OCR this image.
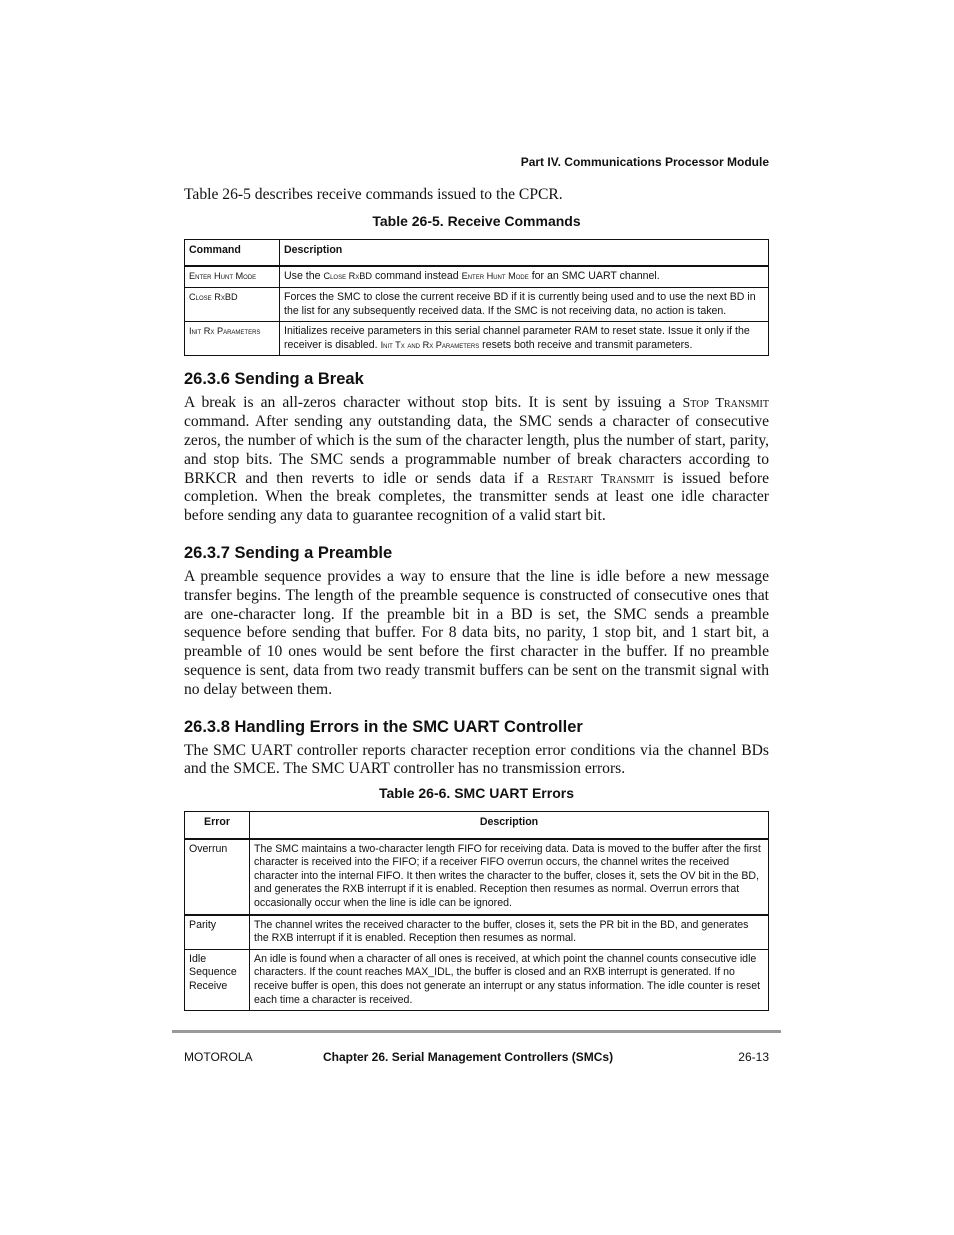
Part IV. Communications Processor Module

Table 26-5 describes receive commands issued to the CPCR.

Table 26-5. Receive Commands
Command	Description
Enter Hunt Mode	Use the Close RxBD command instead Enter Hunt Mode for an SMC UART channel.
Close RxBD	Forces the SMC to close the current receive BD if it is currently being used and to use the next BD in the list for any subsequently received data. If the SMC is not receiving data, no action is taken.
Init Rx Parameters	Initializes receive parameters in this serial channel parameter RAM to reset state. Issue it only if the receiver is disabled. Init Tx and Rx Parameters resets both receive and transmit parameters.
26.3.6 Sending a Break

A break is an all-zeros character without stop bits. It is sent by issuing a Stop Transmit command. After sending any outstanding data, the SMC sends a character of consecutive zeros, the number of which is the sum of the character length, plus the number of start, parity, and stop bits. The SMC sends a programmable number of break characters according to BRKCR and then reverts to idle or sends data if a Restart Transmit is issued before completion. When the break completes, the transmitter sends at least one idle character before sending any data to guarantee recognition of a valid start bit.

26.3.7 Sending a Preamble

A preamble sequence provides a way to ensure that the line is idle before a new message transfer begins. The length of the preamble sequence is constructed of consecutive ones that are one-character long. If the preamble bit in a BD is set, the SMC sends a preamble sequence before sending that buffer. For 8 data bits, no parity, 1 stop bit, and 1 start bit, a preamble of 10 ones would be sent before the first character in the buffer. If no preamble sequence is sent, data from two ready transmit buffers can be sent on the transmit signal with no delay between them.

26.3.8 Handling Errors in the SMC UART Controller

The SMC UART controller reports character reception error conditions via the channel BDs and the SMCE. The SMC UART controller has no transmission errors.

Table 26-6. SMC UART Errors
Error	Description
Overrun	The SMC maintains a two-character length FIFO for receiving data. Data is moved to the buffer after the first character is received into the FIFO; if a receiver FIFO overrun occurs, the channel writes the received character into the internal FIFO. It then writes the character to the buffer, closes it, sets the OV bit in the BD, and generates the RXB interrupt if it is enabled. Reception then resumes as normal. Overrun errors that occasionally occur when the line is idle can be ignored.
Parity	The channel writes the received character to the buffer, closes it, sets the PR bit in the BD, and generates the RXB interrupt if it is enabled. Reception then resumes as normal.
Idle Sequence Receive	An idle is found when a character of all ones is received, at which point the channel counts consecutive idle characters. If the count reaches MAX_IDL, the buffer is closed and an RXB interrupt is generated. If no receive buffer is open, this does not generate an interrupt or any status information. The idle counter is reset each time a character is received.
MOTOROLA	Chapter 26. Serial Management Controllers (SMCs)	26-13
